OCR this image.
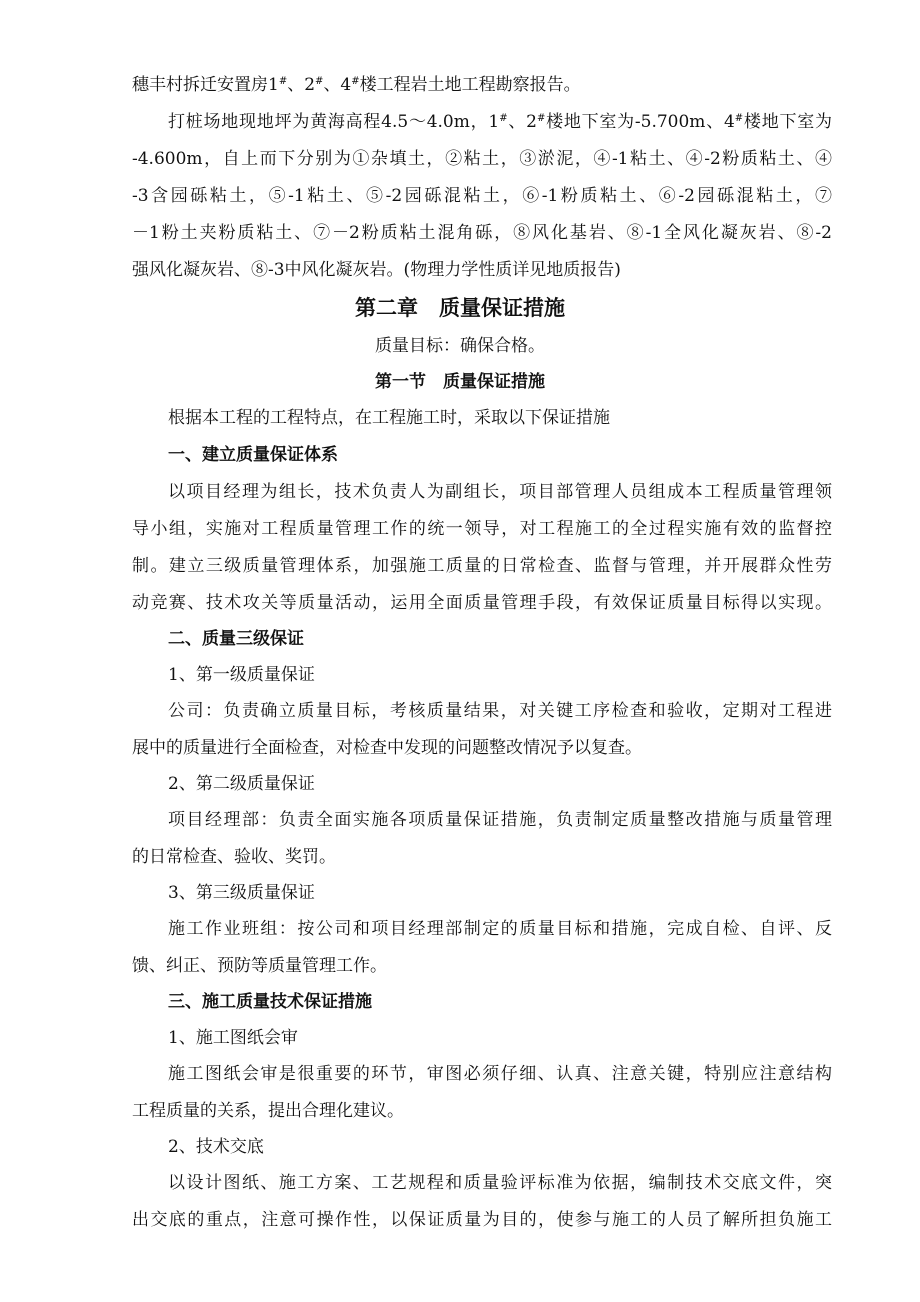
穗丰村拆迁安置房1#、2#、4#楼工程岩土地工程勘察报告。
打桩场地现地坪为黄海高程4.5～4.0m，1#、2#楼地下室为-5.700m、4#楼地下室为
-4.600m，自上而下分别为①杂填土，②粘土，③淤泥，④-1粘土、④-2粉质粘土、④
-3含园砾粘土，⑤-1粘土、⑤-2园砾混粘土，⑥-1粉质粘土、⑥-2园砾混粘土，⑦
－1粉土夹粉质粘土、⑦－2粉质粘土混角砾，⑧风化基岩、⑧-1全风化凝灰岩、⑧-2
强风化凝灰岩、⑧-3中风化凝灰岩。(物理力学性质详见地质报告)
第二章　质量保证措施
质量目标：确保合格。
第一节　质量保证措施
根据本工程的工程特点，在工程施工时，采取以下保证措施
一、建立质量保证体系
以项目经理为组长，技术负责人为副组长，项目部管理人员组成本工程质量管理领
导小组，实施对工程质量管理工作的统一领导，对工程施工的全过程实施有效的监督控
制。建立三级质量管理体系，加强施工质量的日常检查、监督与管理，并开展群众性劳
动竞赛、技术攻关等质量活动，运用全面质量管理手段，有效保证质量目标得以实现。
二、质量三级保证
1、第一级质量保证
公司：负责确立质量目标，考核质量结果，对关键工序检查和验收，定期对工程进
展中的质量进行全面检查，对检查中发现的问题整改情况予以复查。
2、第二级质量保证
项目经理部：负责全面实施各项质量保证措施，负责制定质量整改措施与质量管理
的日常检查、验收、奖罚。
3、第三级质量保证
施工作业班组：按公司和项目经理部制定的质量目标和措施，完成自检、自评、反
馈、纠正、预防等质量管理工作。
三、施工质量技术保证措施
1、施工图纸会审
施工图纸会审是很重要的环节，审图必须仔细、认真、注意关键，特别应注意结构
工程质量的关系，提出合理化建议。
2、技术交底
以设计图纸、施工方案、工艺规程和质量验评标准为依据，编制技术交底文件，突
出交底的重点，注意可操作性，以保证质量为目的，使参与施工的人员了解所担负施工
